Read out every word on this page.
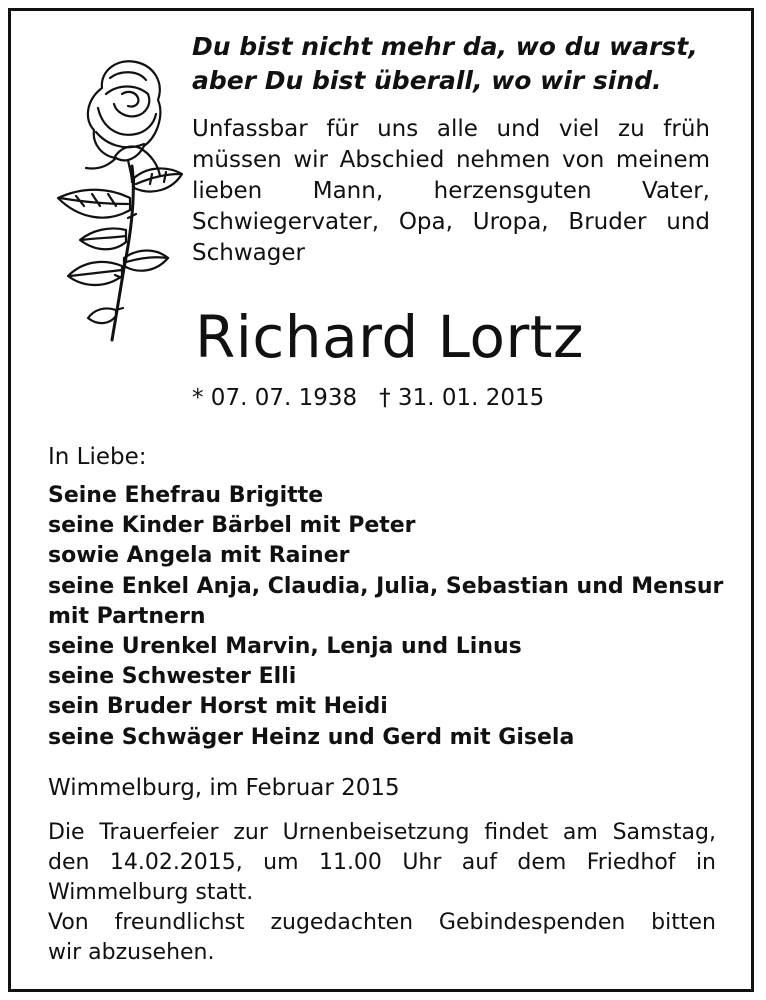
Du bist nicht mehr da, wo du warst,

aber Du bist überall, wo wir sind.

Unfassbar für uns alle und viel zu früh
müssen wir Abschied nehmen von meinem
lieben Mann, herzensguten Vater,
Schwiegervater, Opa, Uropa, Bruder und
Schwager

Richard Lortz

* 07. 07. 1938 † 31. 01. 2015

In Liebe:

Seine Ehefrau Brigitte
seine Kinder Bärbel mit Peter
sowie Angela mit Rainer
seine Enkel Anja, Claudia, Julia, Sebastian und Mensur
mit Partnern
seine Urenkel Marvin, Lenja und Linus
seine Schwester Elli
sein Bruder Horst mit Heidi
seine Schwäger Heinz und Gerd mit Gisela

Wimmelburg, im Februar 2015

Die Trauerfeier zur Urnenbeisetzung findet am Samstag,
den 14.02.2015, um 11.00 Uhr auf dem Friedhof in
Wimmelburg statt.
Von freundlichst zugedachten Gebindespenden bitten
wir abzusehen.
